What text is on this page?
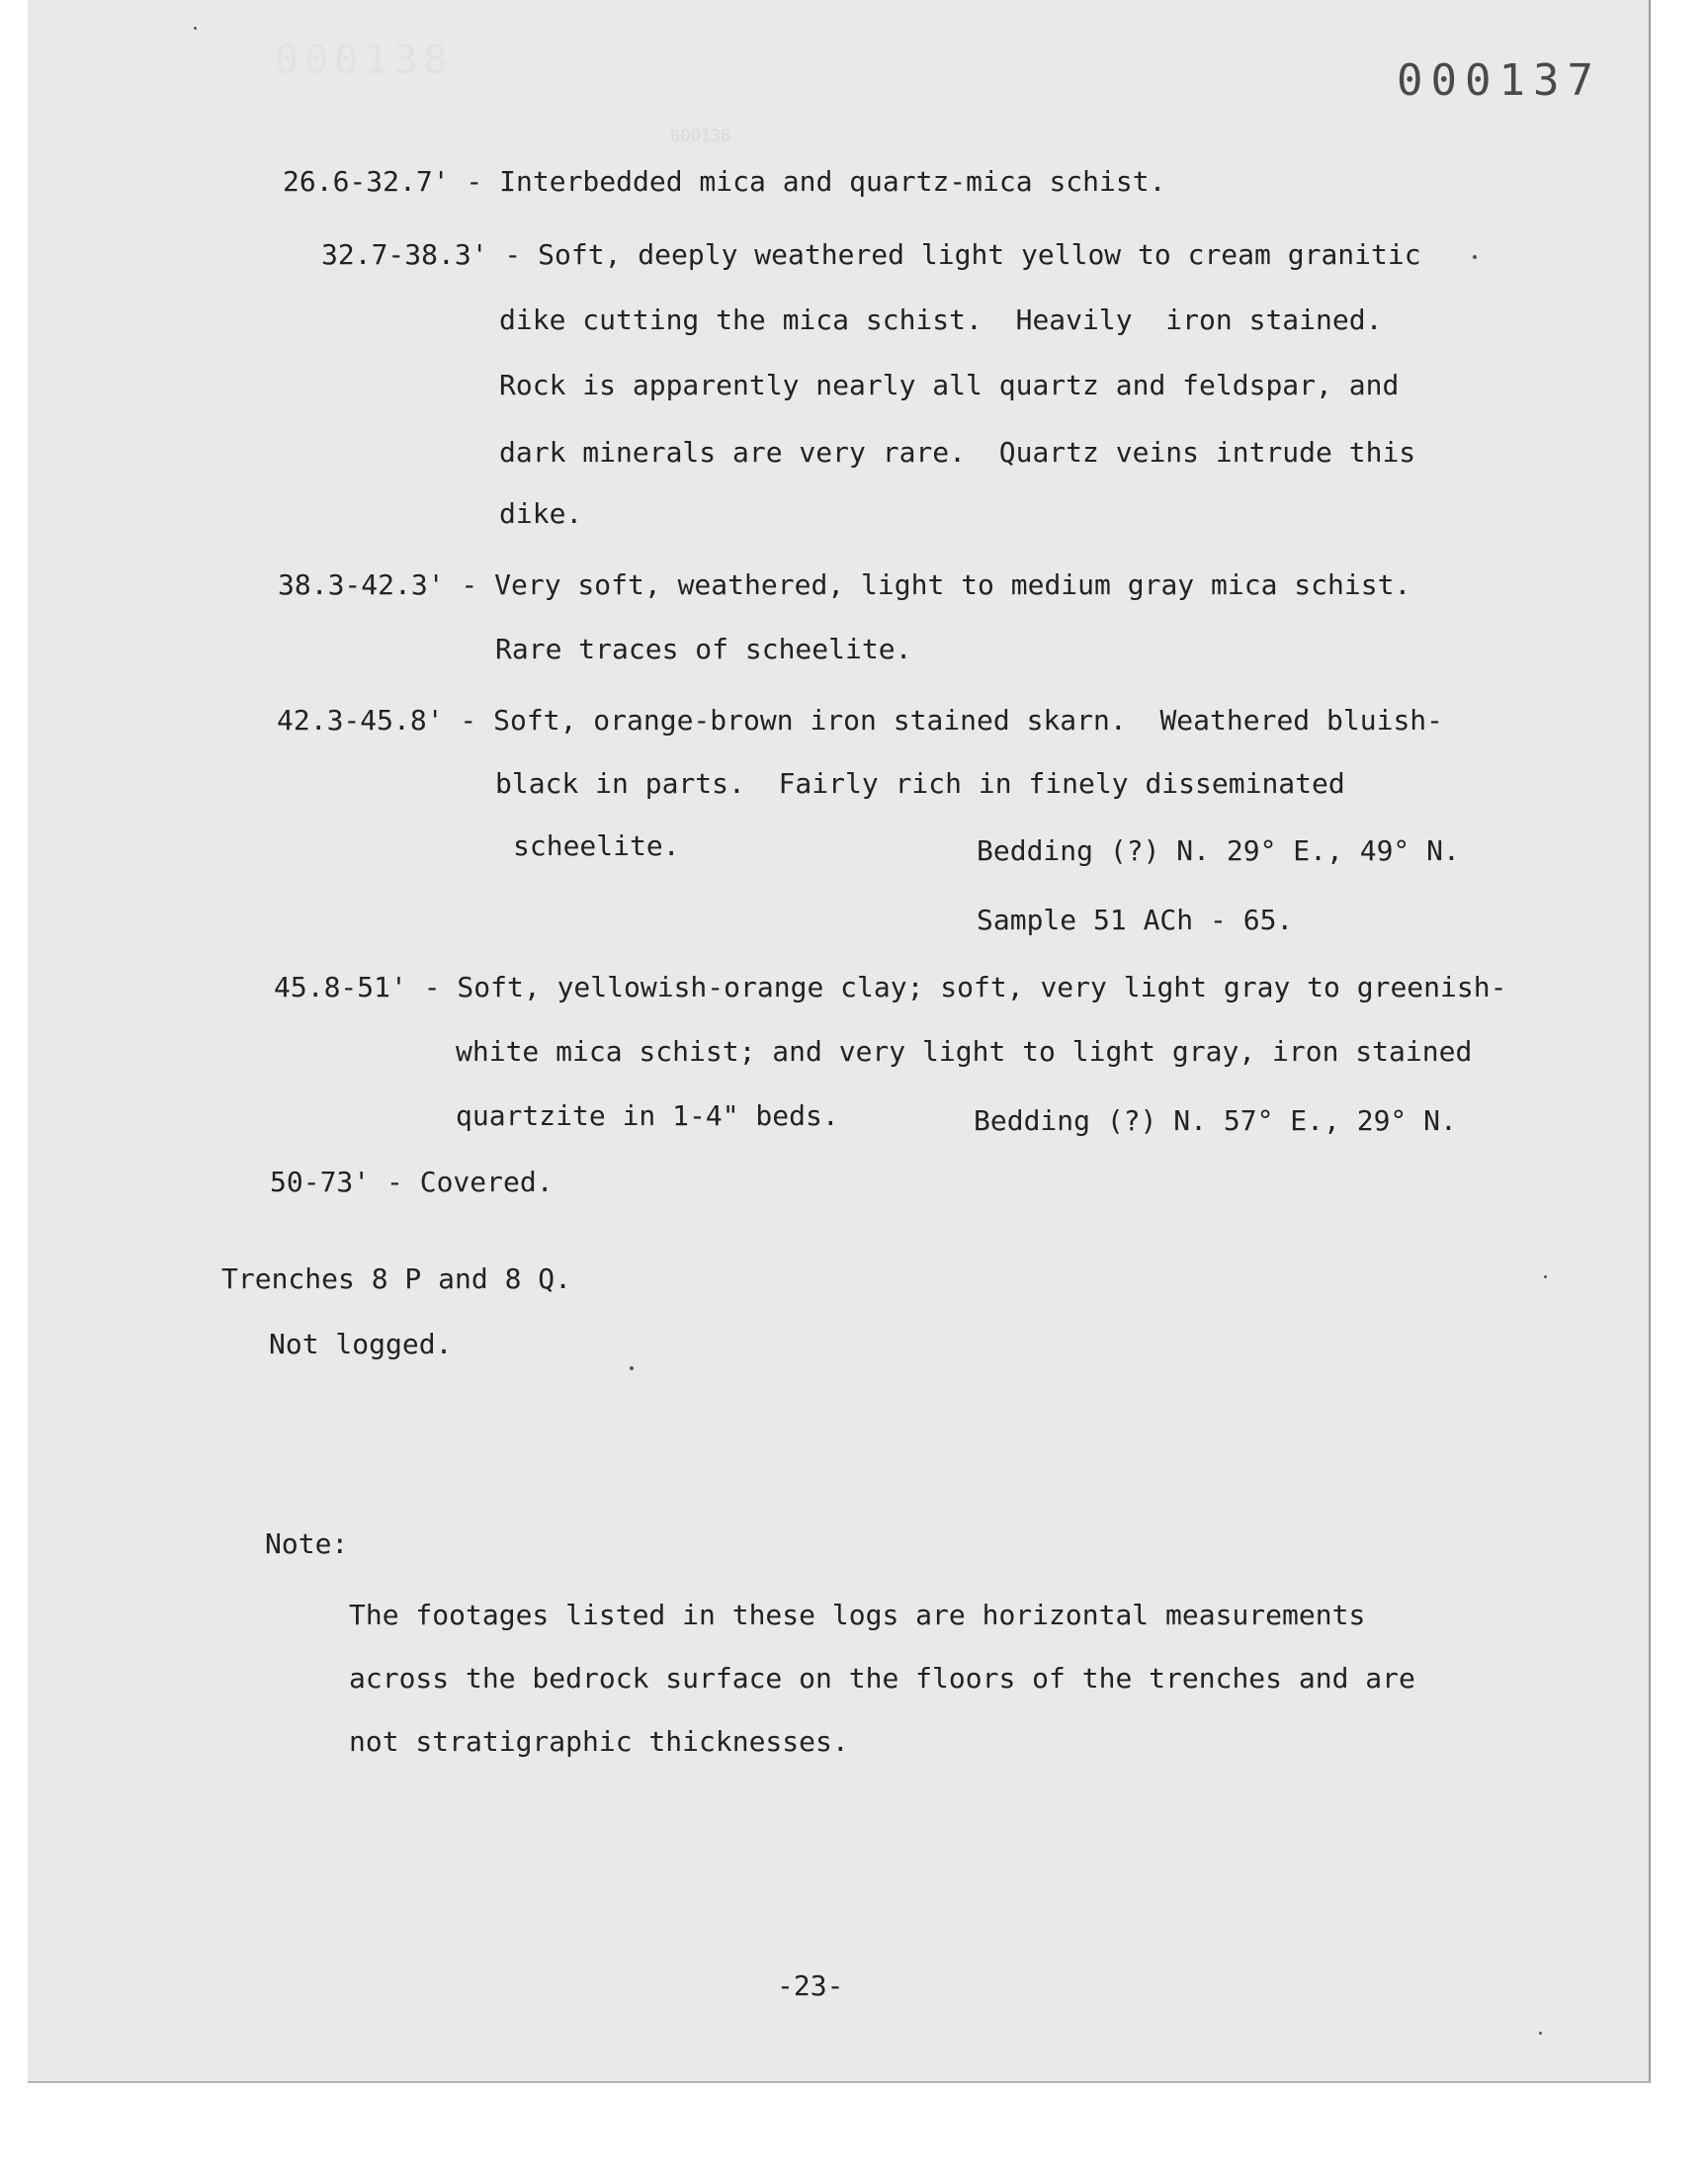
000138
000138
000137
26.6-32.7' - Interbedded mica and quartz-mica schist.
32.7-38.3' - Soft, deeply weathered light yellow to cream granitic
dike cutting the mica schist.  Heavily  iron stained.
Rock is apparently nearly all quartz and feldspar, and
dark minerals are very rare.  Quartz veins intrude this
dike.
38.3-42.3' - Very soft, weathered, light to medium gray mica schist.
Rare traces of scheelite.
42.3-45.8' - Soft, orange-brown iron stained skarn.  Weathered bluish-
black in parts.  Fairly rich in finely disseminated
scheelite.	Bedding (?) N. 29° E., 49° N.
Sample 51 ACh - 65.
45.8-51' - Soft, yellowish-orange clay; soft, very light gray to greenish-
white mica schist; and very light to light gray, iron stained
quartzite in 1-4" beds.	Bedding (?) N. 57° E., 29° N.
50-73' - Covered.
Trenches 8 P and 8 Q.
Not logged.
Note:
The footages listed in these logs are horizontal measurements
across the bedrock surface on the floors of the trenches and are
not stratigraphic thicknesses.
-23-
